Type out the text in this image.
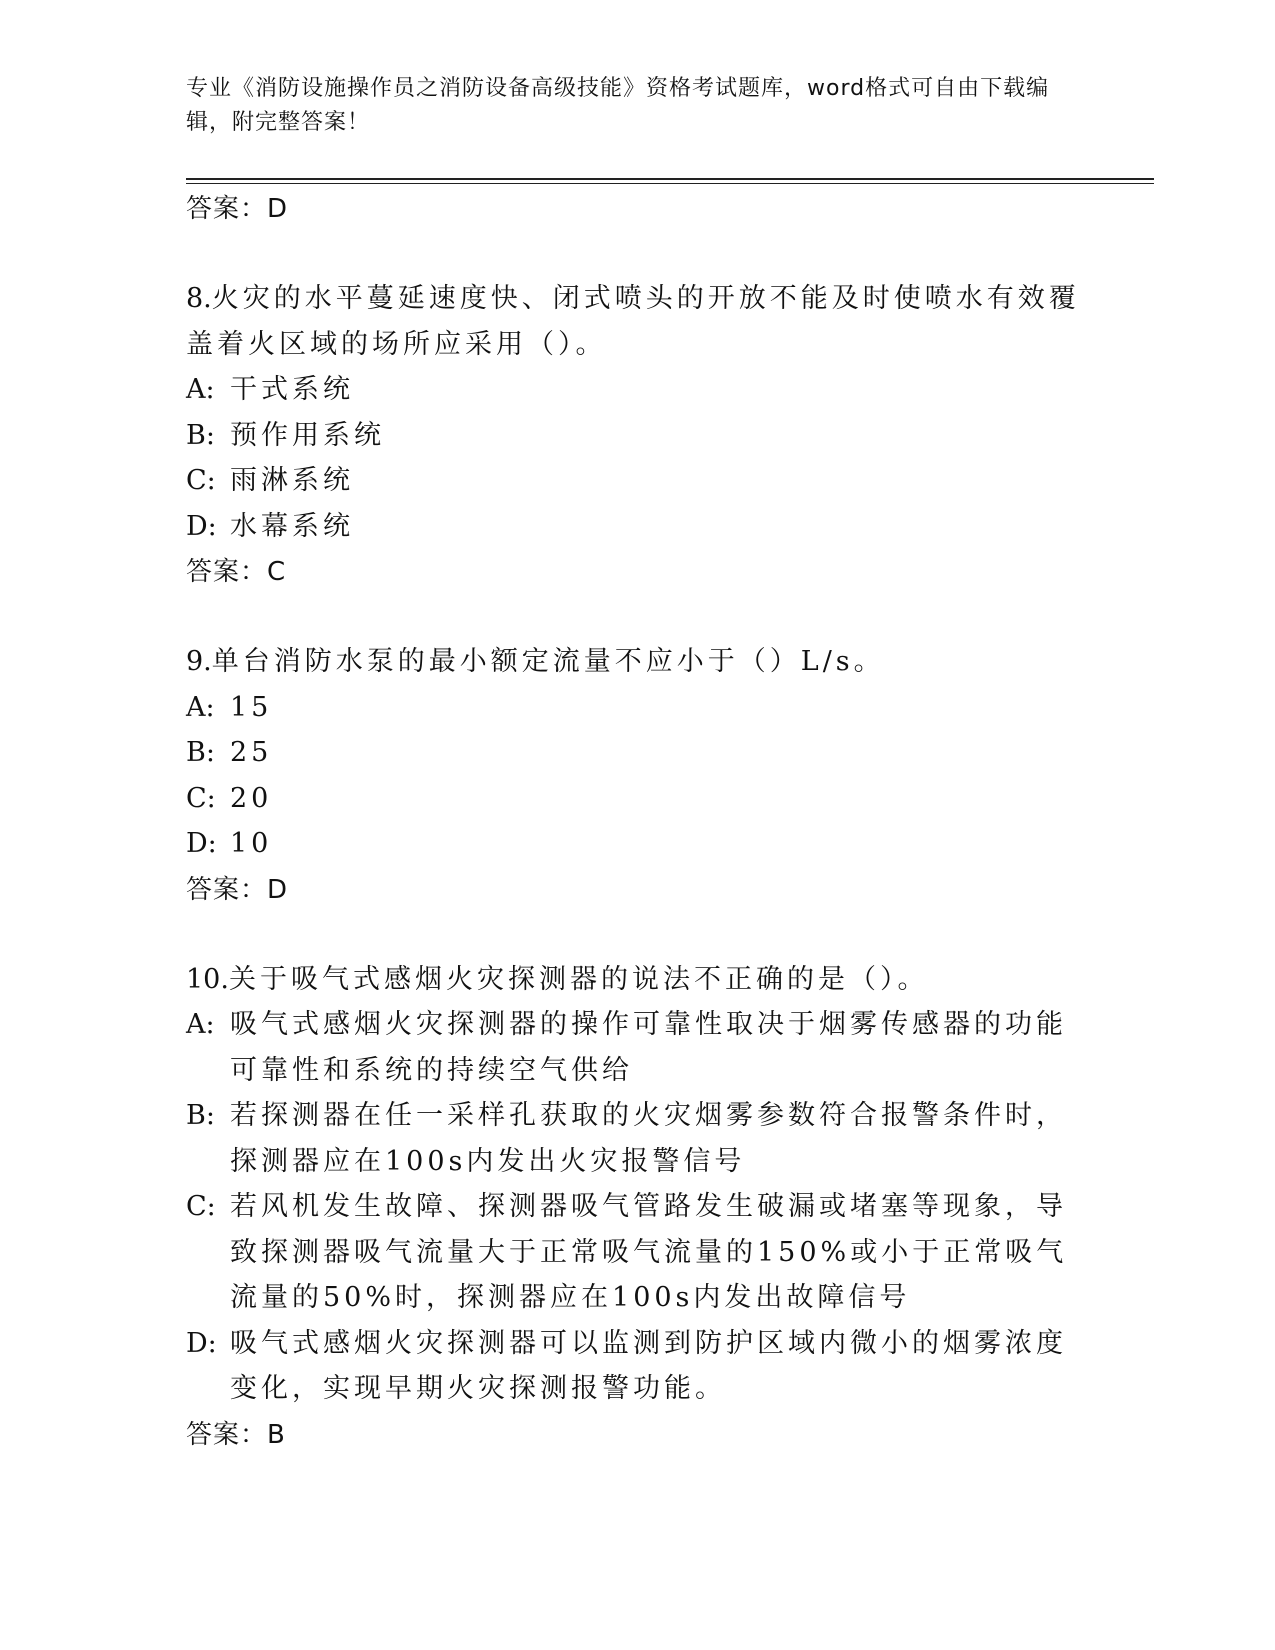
专业《消防设施操作员之消防设备高级技能》资格考试题库，word格式可自由下载编辑，附完整答案！
答案：D
8.火灾的水平蔓延速度快、闭式喷头的开放不能及时使喷水有效覆盖着火区域的场所应采用（）。
A: 干式系统
B: 预作用系统
C: 雨淋系统
D: 水幕系统
答案：C
9.单台消防水泵的最小额定流量不应小于（）L/s。
A: 15
B: 25
C: 20
D: 10
答案：D
10.关于吸气式感烟火灾探测器的说法不正确的是（）。
A: 吸气式感烟火灾探测器的操作可靠性取决于烟雾传感器的功能可靠性和系统的持续空气供给
B: 若探测器在任一采样孔获取的火灾烟雾参数符合报警条件时，探测器应在100s内发出火灾报警信号
C: 若风机发生故障、探测器吸气管路发生破漏或堵塞等现象，导致探测器吸气流量大于正常吸气流量的150%或小于正常吸气流量的50%时，探测器应在100s内发出故障信号
D: 吸气式感烟火灾探测器可以监测到防护区域内微小的烟雾浓度变化，实现早期火灾探测报警功能。
答案：B
